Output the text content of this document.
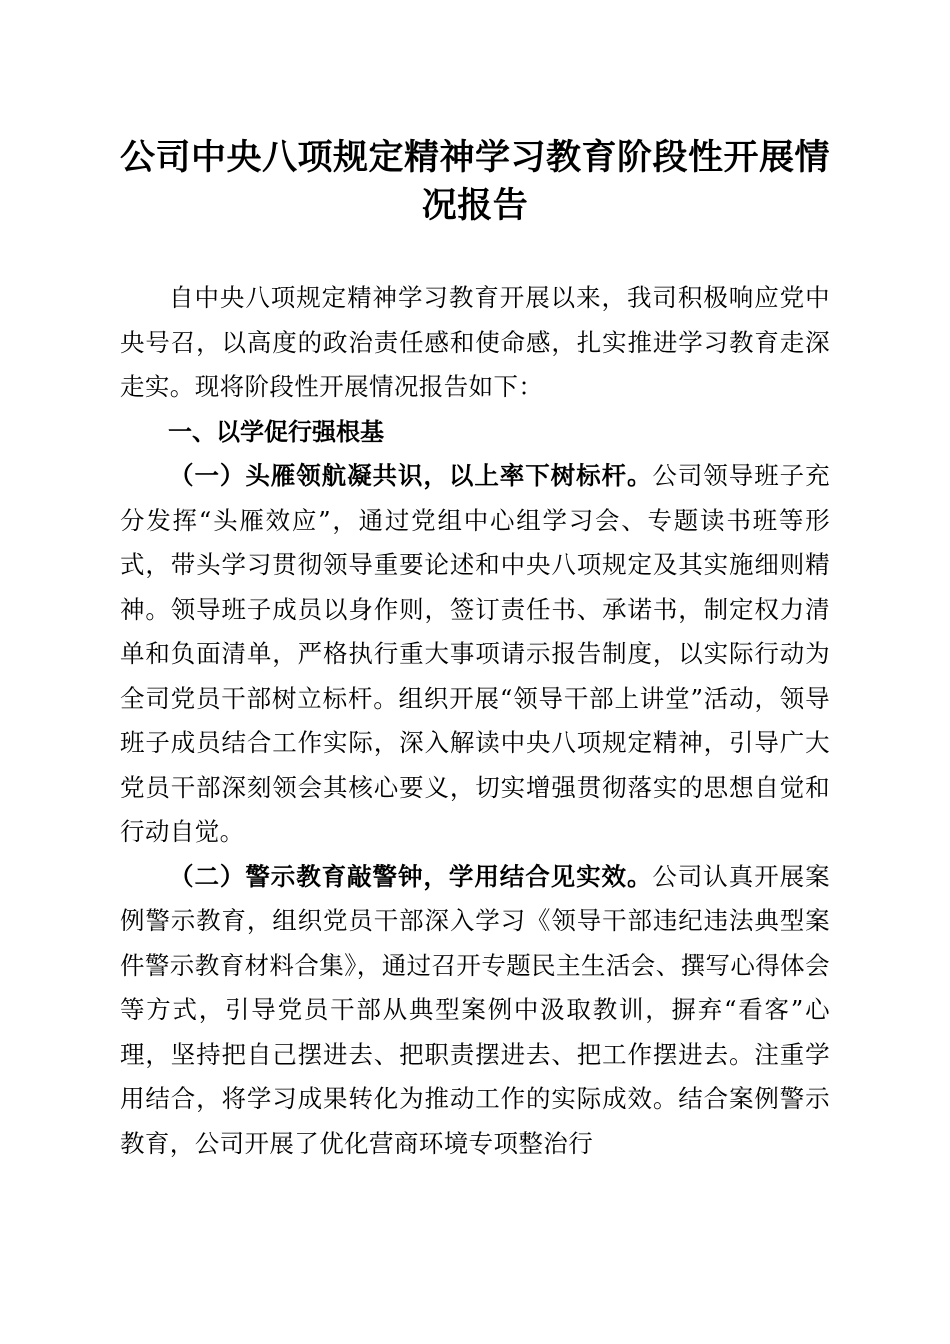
公司中央八项规定精神学习教育阶段性开展情况报告

自中央八项规定精神学习教育开展以来，我司积极响应党中央号召，以高度的政治责任感和使命感，扎实推进学习教育走深走实。现将阶段性开展情况报告如下：

一、以学促行强根基

（一）头雁领航凝共识，以上率下树标杆。公司领导班子充分发挥“头雁效应”，通过党组中心组学习会、专题读书班等形式，带头学习贯彻领导重要论述和中央八项规定及其实施细则精神。领导班子成员以身作则，签订责任书、承诺书，制定权力清单和负面清单，严格执行重大事项请示报告制度，以实际行动为全司党员干部树立标杆。组织开展“领导干部上讲堂”活动，领导班子成员结合工作实际，深入解读中央八项规定精神，引导广大党员干部深刻领会其核心要义，切实增强贯彻落实的思想自觉和行动自觉。

（二）警示教育敲警钟，学用结合见实效。公司认真开展案例警示教育，组织党员干部深入学习《领导干部违纪违法典型案件警示教育材料合集》，通过召开专题民主生活会、撰写心得体会等方式，引导党员干部从典型案例中汲取教训，摒弃“看客”心理，坚持把自己摆进去、把职责摆进去、把工作摆进去。注重学用结合，将学习成果转化为推动工作的实际成效。结合案例警示教育，公司开展了优化营商环境专项整治行
